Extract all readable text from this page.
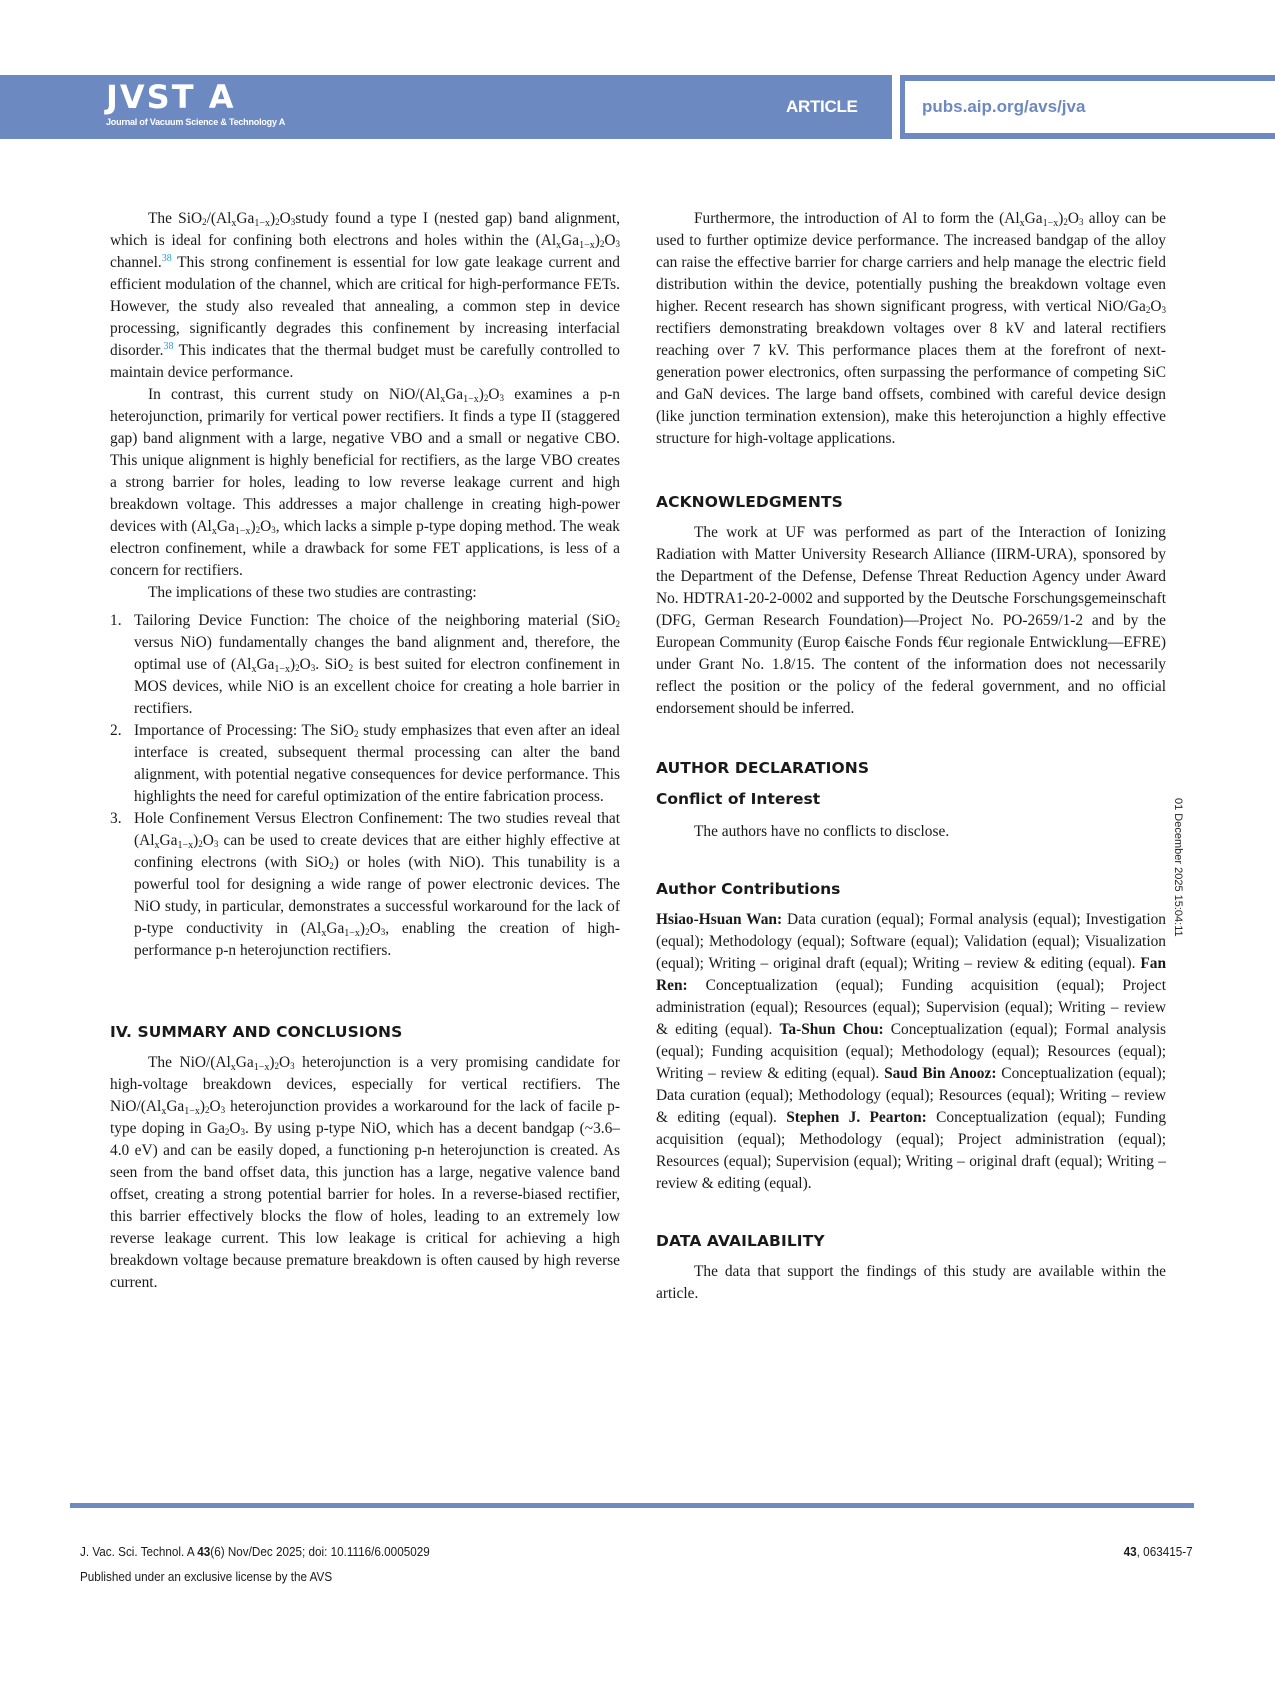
JVST A
Journal of Vacuum Science & Technology A
ARTICLE	pubs.aip.org/avs/jva

The $SiO_2/(Al_xGa_{1-x})_2O_3study$ found a type I (nested gap) band alignment, which is ideal for confining both electrons and holes within the $(Al_xGa_{1-x})_2O_3$ channel.$^{38}$ This strong confinement is essential for low gate leakage current and efficient modulation of the channel, which are critical for high-performance FETs. However, the study also revealed that annealing, a common step in device processing, significantly degrades this confinement by increasing interfacial disorder.$^{38}$ This indicates that the thermal budget must be carefully controlled to maintain device performance.

In contrast, this current study on NiO/$(Al_xGa_{1-x})_2O_3$ examines a p-n heterojunction, primarily for vertical power rectifiers. It finds a type II (staggered gap) band alignment with a large, negative VBO and a small or negative CBO. This unique alignment is highly beneficial for rectifiers, as the large VBO creates a strong barrier for holes, leading to low reverse leakage current and high breakdown voltage. This addresses a major challenge in creating high-power devices with $(Al_xGa_{1-x})_2O_3$, which lacks a simple p-type doping method. The weak electron confinement, while a drawback for some FET applications, is less of a concern for rectifiers.

The implications of these two studies are contrasting:

1. Tailoring Device Function: The choice of the neighboring material (SiO$_2$ versus NiO) fundamentally changes the band alignment and, therefore, the optimal use of $(Al_xGa_{1-x})_2O_3$. SiO$_2$ is best suited for electron confinement in MOS devices, while NiO is an excellent choice for creating a hole barrier in rectifiers.
2. Importance of Processing: The SiO$_2$ study emphasizes that even after an ideal interface is created, subsequent thermal processing can alter the band alignment, with potential negative consequences for device performance. This highlights the need for careful optimization of the entire fabrication process.
3. Hole Confinement Versus Electron Confinement: The two studies reveal that $(Al_xGa_{1-x})_2O_3$ can be used to create devices that are either highly effective at confining electrons (with SiO$_2$) or holes (with NiO). This tunability is a powerful tool for designing a wide range of power electronic devices. The NiO study, in particular, demonstrates a successful workaround for the lack of p-type conductivity in $(Al_xGa_{1-x})_2O_3$, enabling the creation of high-performance p-n heterojunction rectifiers.
IV. SUMMARY AND CONCLUSIONS

The NiO/$(Al_xGa_{1-x})_2O_3$ heterojunction is a very promising candidate for high-voltage breakdown devices, especially for vertical rectifiers. The NiO/$(Al_xGa_{1-x})_2O_3$ heterojunction provides a workaround for the lack of facile p-type doping in $Ga_2O_3$. By using p-type NiO, which has a decent bandgap (~3.6–4.0 eV) and can be easily doped, a functioning p-n heterojunction is created. As seen from the band offset data, this junction has a large, negative valence band offset, creating a strong potential barrier for holes. In a reverse-biased rectifier, this barrier effectively blocks the flow of holes, leading to an extremely low reverse leakage current. This low leakage is critical for achieving a high breakdown voltage because premature breakdown is often caused by high reverse current.

Furthermore, the introduction of Al to form the $(Al_xGa_{1-x})_2O_3$ alloy can be used to further optimize device performance. The increased bandgap of the alloy can raise the effective barrier for charge carriers and help manage the electric field distribution within the device, potentially pushing the breakdown voltage even higher. Recent research has shown significant progress, with vertical NiO/$Ga_2O_3$ rectifiers demonstrating breakdown voltages over 8 kV and lateral rectifiers reaching over 7 kV. This performance places them at the forefront of next-generation power electronics, often surpassing the performance of competing SiC and GaN devices. The large band offsets, combined with careful device design (like junction termination extension), make this heterojunction a highly effective structure for high-voltage applications.

ACKNOWLEDGMENTS

The work at UF was performed as part of the Interaction of Ionizing Radiation with Matter University Research Alliance (IIRM-URA), sponsored by the Department of the Defense, Defense Threat Reduction Agency under Award No. HDTRA1-20-2-0002 and supported by the Deutsche Forschungsgemeinschaft (DFG, German Research Foundation)—Project No. PO-2659/1-2 and by the European Community (Europ €aische Fonds f€ur regionale Entwicklung—EFRE) under Grant No. 1.8/15. The content of the information does not necessarily reflect the position or the policy of the federal government, and no official endorsement should be inferred.

AUTHOR DECLARATIONS
Conflict of Interest

The authors have no conflicts to disclose.

Author Contributions

Hsiao-Hsuan Wan: Data curation (equal); Formal analysis (equal); Investigation (equal); Methodology (equal); Software (equal); Validation (equal); Visualization (equal); Writing – original draft (equal); Writing – review & editing (equal). Fan Ren: Conceptualization (equal); Funding acquisition (equal); Project administration (equal); Resources (equal); Supervision (equal); Writing – review & editing (equal). Ta-Shun Chou: Conceptualization (equal); Formal analysis (equal); Funding acquisition (equal); Methodology (equal); Resources (equal); Writing – review & editing (equal). Saud Bin Anooz: Conceptualization (equal); Data curation (equal); Methodology (equal); Resources (equal); Writing – review & editing (equal). Stephen J. Pearton: Conceptualization (equal); Funding acquisition (equal); Methodology (equal); Project administration (equal); Resources (equal); Supervision (equal); Writing – original draft (equal); Writing – review & editing (equal).

DATA AVAILABILITY

The data that support the findings of this study are available within the article.

01 December 2025 15:04:11
J. Vac. Sci. Technol. A 43(6) Nov/Dec 2025; doi: 10.1116/6.0005029
Published under an exclusive license by the AVS
43, 063415-7
